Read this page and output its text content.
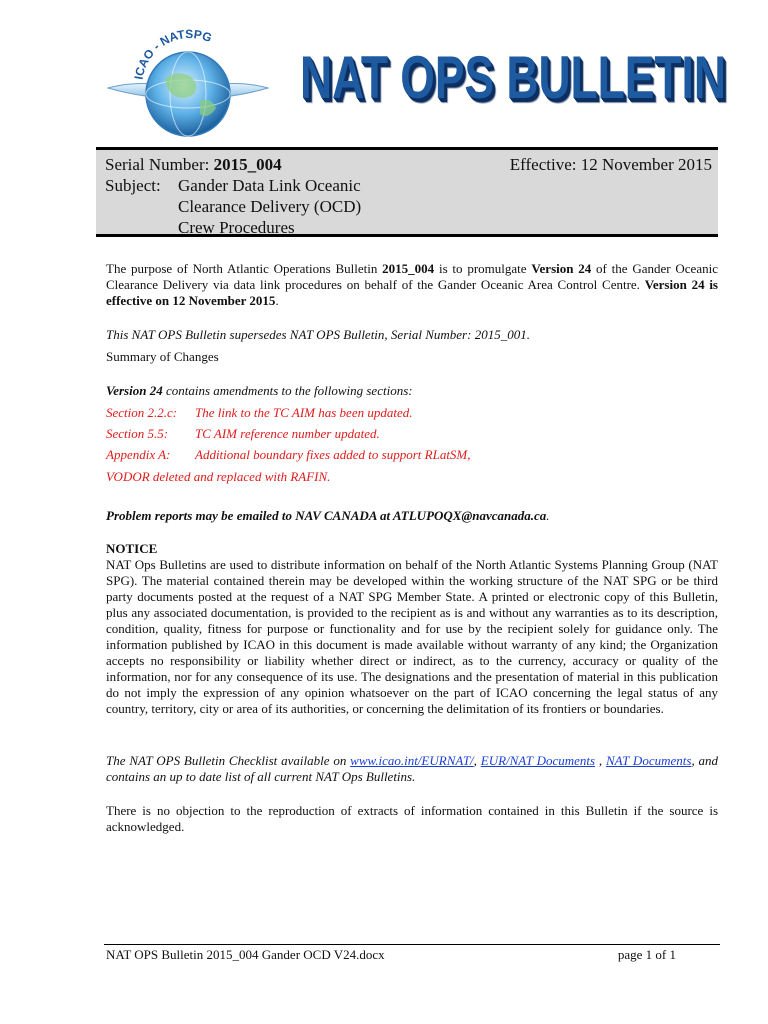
ICAO - NATSPG
NAT OPS BULLETIN
Serial Number: 2015_004	Effective: 12 November 2015
Subject: Gander Data Link Oceanic
Clearance Delivery (OCD)
Crew Procedures
The purpose of North Atlantic Operations Bulletin 2015_004 is to promulgate Version 24 of the Gander Oceanic Clearance Delivery via data link procedures on behalf of the Gander Oceanic Area Control Centre. Version 24 is effective on 12 November 2015.
This NAT OPS Bulletin supersedes NAT OPS Bulletin, Serial Number: 2015_001.
Summary of Changes
Version 24 contains amendments to the following sections:
Section 2.2.c: The link to the TC AIM has been updated.
Section 5.5: TC AIM reference number updated.
Appendix A: Additional boundary fixes added to support RLatSM,
VODOR deleted and replaced with RAFIN.
Problem reports may be emailed to NAV CANADA at ATLUPOQX@navcanada.ca.
NOTICE
NAT Ops Bulletins are used to distribute information on behalf of the North Atlantic Systems Planning Group (NAT SPG). The material contained therein may be developed within the working structure of the NAT SPG or be third party documents posted at the request of a NAT SPG Member State. A printed or electronic copy of this Bulletin, plus any associated documentation, is provided to the recipient as is and without any warranties as to its description, condition, quality, fitness for purpose or functionality and for use by the recipient solely for guidance only. The information published by ICAO in this document is made available without warranty of any kind; the Organization accepts no responsibility or liability whether direct or indirect, as to the currency, accuracy or quality of the information, nor for any consequence of its use. The designations and the presentation of material in this publication do not imply the expression of any opinion whatsoever on the part of ICAO concerning the legal status of any country, territory, city or area of its authorities, or concerning the delimitation of its frontiers or boundaries.
The NAT OPS Bulletin Checklist available on www.icao.int/EURNAT/, EUR/NAT Documents , NAT Documents, and contains an up to date list of all current NAT Ops Bulletins.
There is no objection to the reproduction of extracts of information contained in this Bulletin if the source is acknowledged.
NAT OPS Bulletin 2015_004 Gander OCD V24.docx	page 1 of 1
